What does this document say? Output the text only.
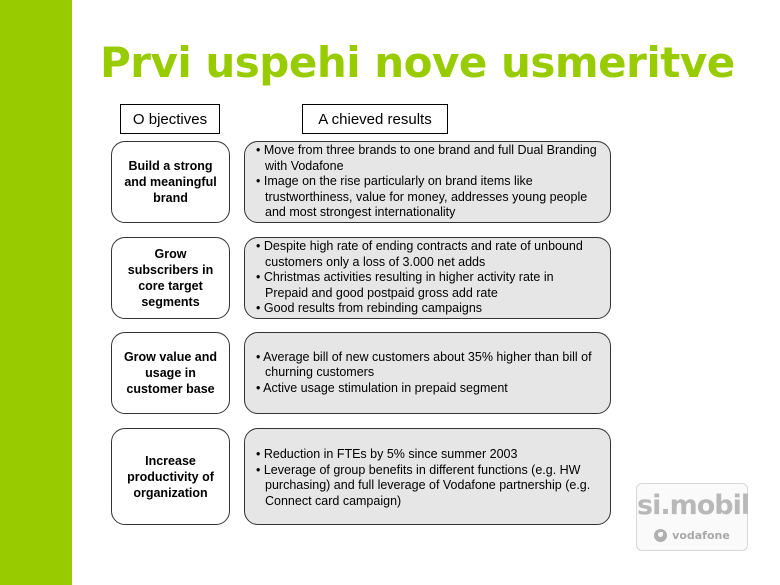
Prvi uspehi nove usmeritve
O bjectives	A chieved results
Build a strong and meaningful brand

• Move from three brands to one brand and full Dual Branding with Vodafone

• Image on the rise particularly on brand items like trustworthiness, value for money, addresses young people and most strongest internationality

Grow subscribers in core target segments

• Despite high rate of ending contracts and rate of unbound customers only a loss of 3.000 net adds

• Christmas activities resulting in higher activity rate in Prepaid and good postpaid gross add rate

• Good results from rebinding campaigns

Grow value and usage in customer base

• Average bill of new customers about 35% higher than bill of churning customers

• Active usage stimulation in prepaid segment

Increase productivity of organization

• Reduction in FTEs by 5% since summer 2003

• Leverage of group benefits in different functions (e.g. HW purchasing) and full leverage of Vodafone partnership (e.g. Connect card campaign)	si.mobil
vodafone
